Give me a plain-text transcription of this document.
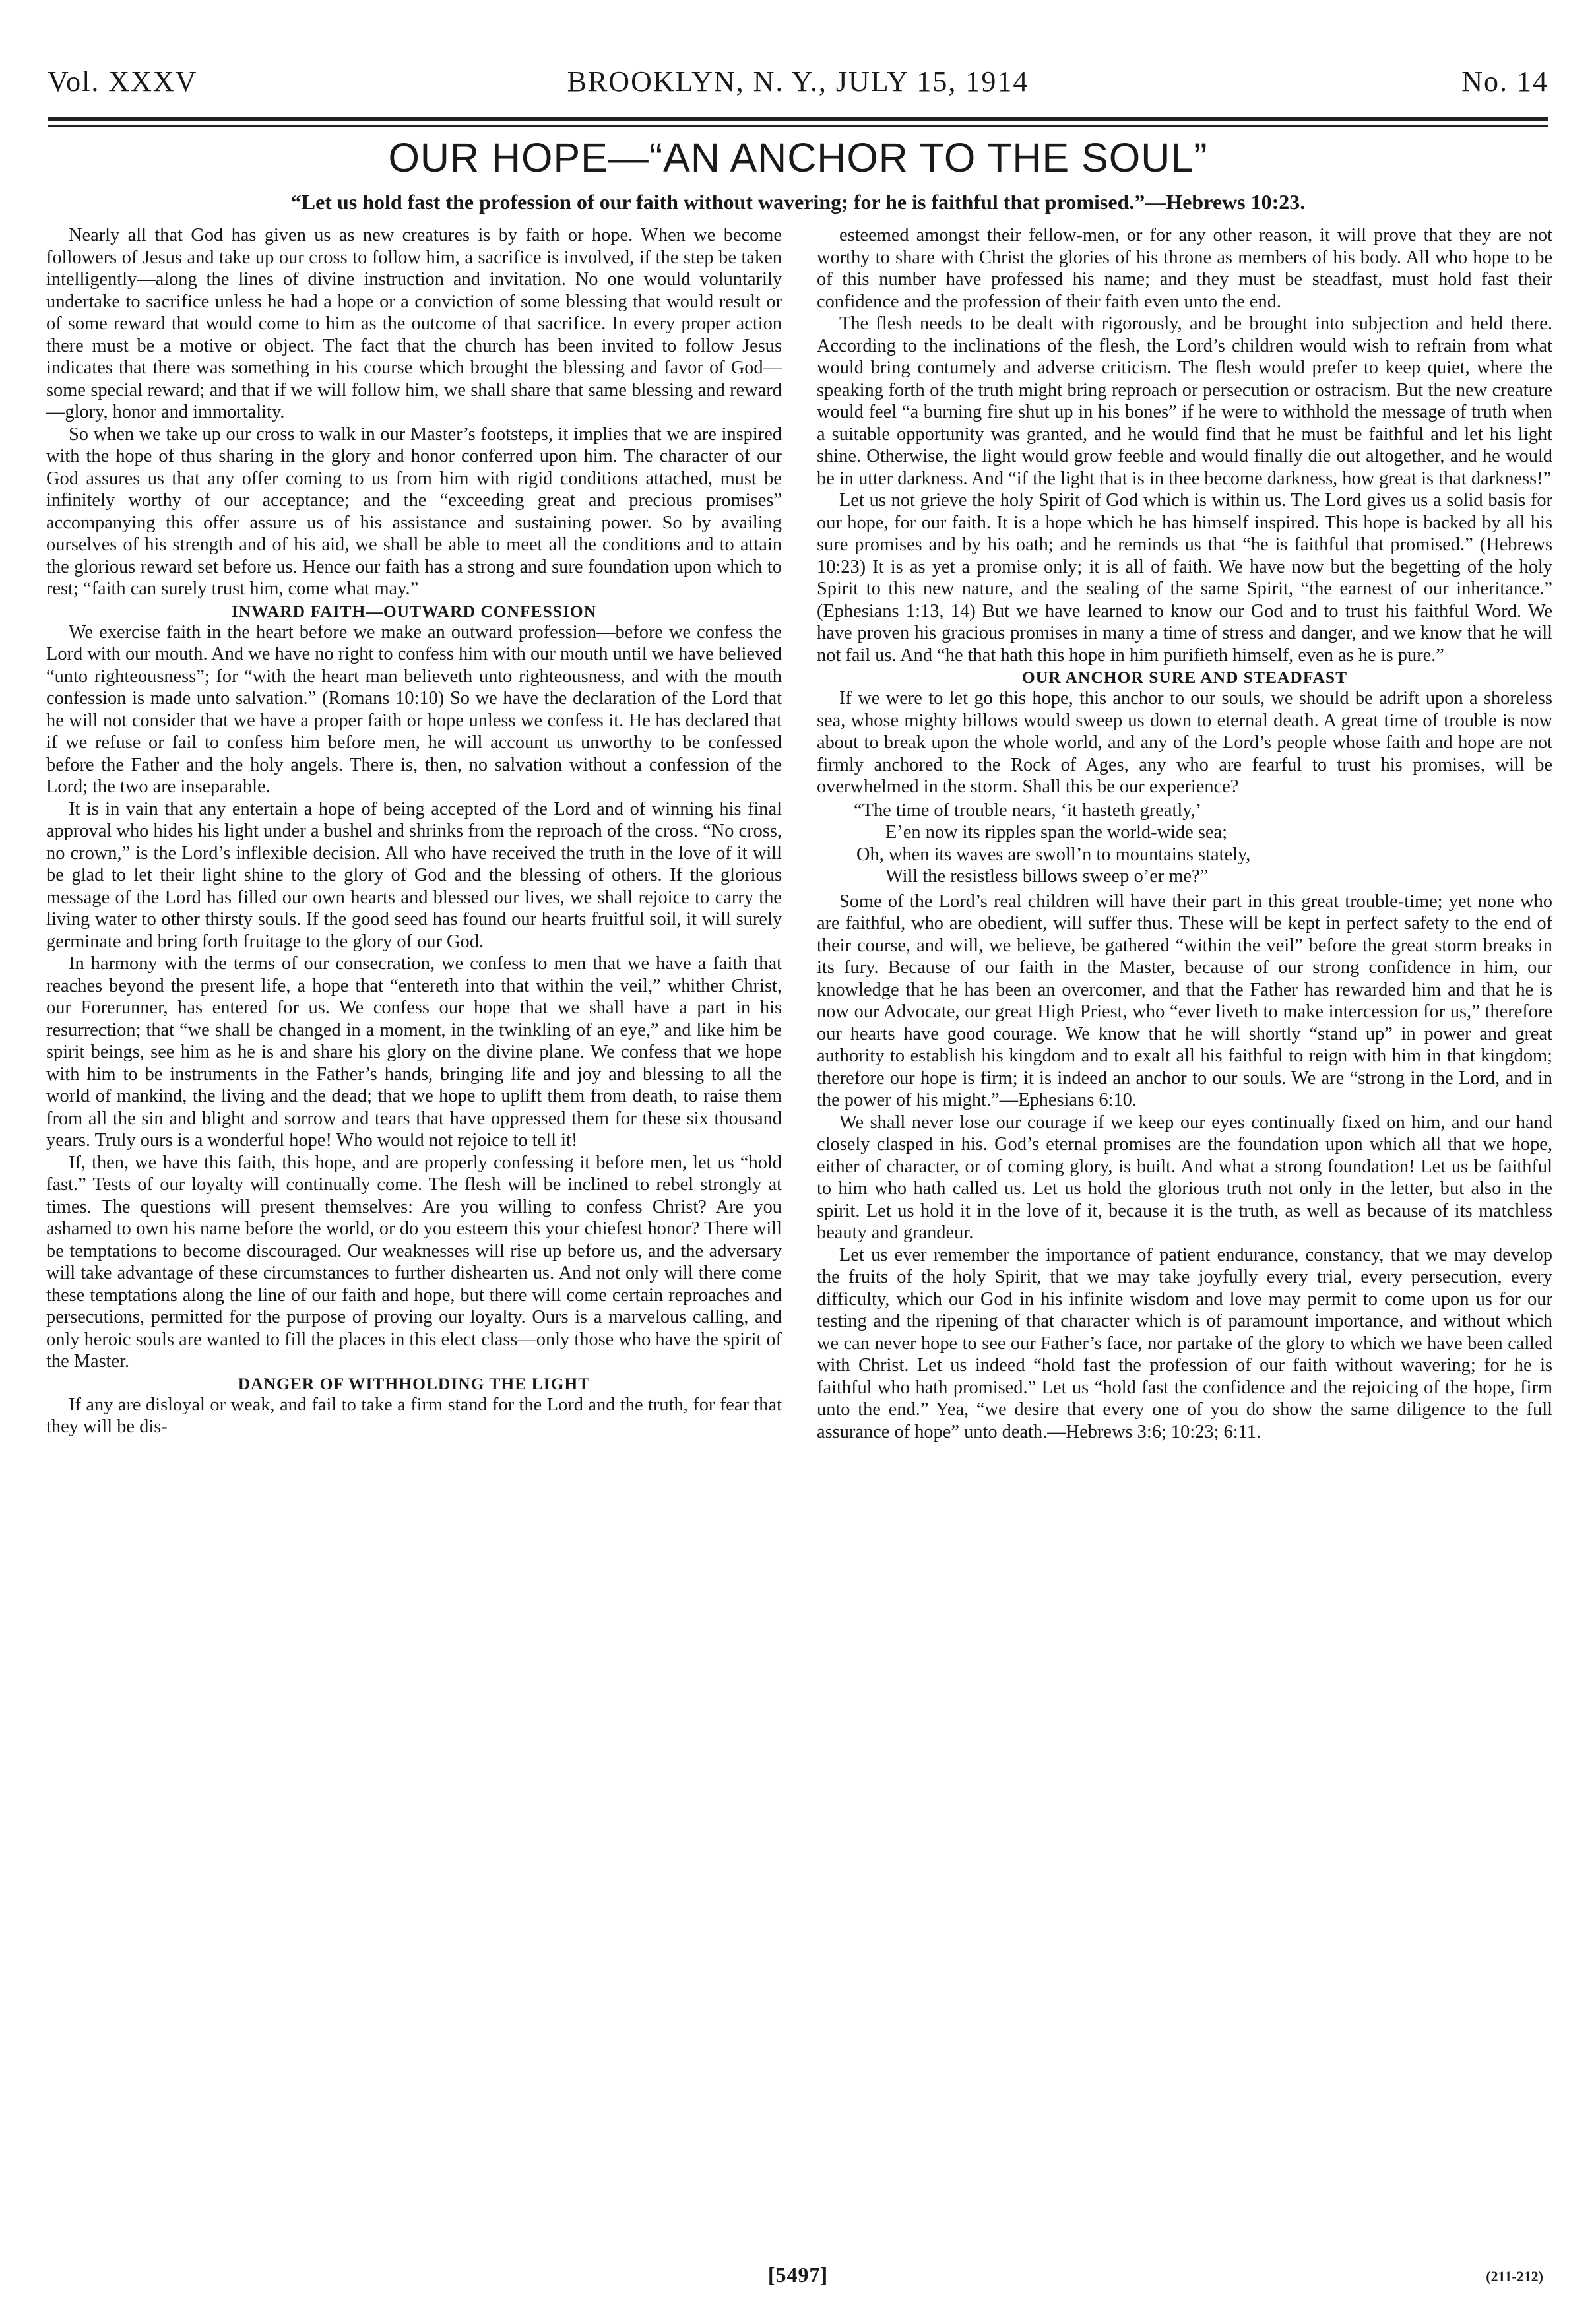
Vol. XXXV	BROOKLYN, N. Y., JULY 15, 1914	No. 14
OUR HOPE—“AN ANCHOR TO THE SOUL”
“Let us hold fast the profession of our faith without wavering; for he is faithful that promised.”—Hebrews 10:23.

Nearly all that God has given us as new creatures is by faith or hope. When we become followers of Jesus and take up our cross to follow him, a sacrifice is involved, if the step be taken intelligently—along the lines of divine instruction and invitation. No one would voluntarily undertake to sacrifice unless he had a hope or a conviction of some blessing that would result or of some reward that would come to him as the outcome of that sacrifice. In every proper action there must be a motive or object. The fact that the church has been invited to follow Jesus indicates that there was something in his course which brought the blessing and favor of God—some special reward; and that if we will follow him, we shall share that same blessing and reward—glory, honor and immortality.

So when we take up our cross to walk in our Master’s footsteps, it implies that we are inspired with the hope of thus sharing in the glory and honor conferred upon him. The character of our God assures us that any offer coming to us from him with rigid conditions attached, must be infinitely worthy of our acceptance; and the “exceeding great and precious promises” accompanying this offer assure us of his assistance and sustaining power. So by availing ourselves of his strength and of his aid, we shall be able to meet all the conditions and to attain the glorious reward set before us. Hence our faith has a strong and sure foundation upon which to rest; “faith can surely trust him, come what may.”

INWARD FAITH—OUTWARD CONFESSION

We exercise faith in the heart before we make an outward profession—before we confess the Lord with our mouth. And we have no right to confess him with our mouth until we have believed “unto righteousness”; for “with the heart man believeth unto righteousness, and with the mouth confession is made unto salvation.” (Romans 10:10) So we have the declaration of the Lord that he will not consider that we have a proper faith or hope unless we confess it. He has declared that if we refuse or fail to confess him before men, he will account us unworthy to be confessed before the Father and the holy angels. There is, then, no salvation without a confession of the Lord; the two are inseparable.

It is in vain that any entertain a hope of being accepted of the Lord and of winning his final approval who hides his light under a bushel and shrinks from the reproach of the cross. “No cross, no crown,” is the Lord’s inflexible decision. All who have received the truth in the love of it will be glad to let their light shine to the glory of God and the blessing of others. If the glorious message of the Lord has filled our own hearts and blessed our lives, we shall rejoice to carry the living water to other thirsty souls. If the good seed has found our hearts fruitful soil, it will surely germinate and bring forth fruitage to the glory of our God.

In harmony with the terms of our consecration, we confess to men that we have a faith that reaches beyond the present life, a hope that “entereth into that within the veil,” whither Christ, our Forerunner, has entered for us. We confess our hope that we shall have a part in his resurrection; that “we shall be changed in a moment, in the twinkling of an eye,” and like him be spirit beings, see him as he is and share his glory on the divine plane. We confess that we hope with him to be instruments in the Father’s hands, bringing life and joy and blessing to all the world of mankind, the living and the dead; that we hope to uplift them from death, to raise them from all the sin and blight and sorrow and tears that have oppressed them for these six thousand years. Truly ours is a wonderful hope! Who would not rejoice to tell it!

If, then, we have this faith, this hope, and are properly confessing it before men, let us “hold fast.” Tests of our loyalty will continually come. The flesh will be inclined to rebel strongly at times. The questions will present themselves: Are you willing to confess Christ? Are you ashamed to own his name before the world, or do you esteem this your chiefest honor? There will be temptations to become discouraged. Our weaknesses will rise up before us, and the adversary will take advantage of these circumstances to further dishearten us. And not only will there come these temptations along the line of our faith and hope, but there will come certain reproaches and persecutions, permitted for the purpose of proving our loyalty. Ours is a marvelous calling, and only heroic souls are wanted to fill the places in this elect class—only those who have the spirit of the Master.

DANGER OF WITHHOLDING THE LIGHT

If any are disloyal or weak, and fail to take a firm stand for the Lord and the truth, for fear that they will be dis-

esteemed amongst their fellow-men, or for any other reason, it will prove that they are not worthy to share with Christ the glories of his throne as members of his body. All who hope to be of this number have professed his name; and they must be steadfast, must hold fast their confidence and the profession of their faith even unto the end.

The flesh needs to be dealt with rigorously, and be brought into subjection and held there. According to the inclinations of the flesh, the Lord’s children would wish to refrain from what would bring contumely and adverse criticism. The flesh would prefer to keep quiet, where the speaking forth of the truth might bring reproach or persecution or ostracism. But the new creature would feel “a burning fire shut up in his bones” if he were to withhold the message of truth when a suitable opportunity was granted, and he would find that he must be faithful and let his light shine. Otherwise, the light would grow feeble and would finally die out altogether, and he would be in utter darkness. And “if the light that is in thee become darkness, how great is that darkness!”

Let us not grieve the holy Spirit of God which is within us. The Lord gives us a solid basis for our hope, for our faith. It is a hope which he has himself inspired. This hope is backed by all his sure promises and by his oath; and he reminds us that “he is faithful that promised.” (Hebrews 10:23) It is as yet a promise only; it is all of faith. We have now but the begetting of the holy Spirit to this new nature, and the sealing of the same Spirit, “the earnest of our inheritance.” (Ephesians 1:13, 14) But we have learned to know our God and to trust his faithful Word. We have proven his gracious promises in many a time of stress and danger, and we know that he will not fail us. And “he that hath this hope in him purifieth himself, even as he is pure.”

OUR ANCHOR SURE AND STEADFAST

If we were to let go this hope, this anchor to our souls, we should be adrift upon a shoreless sea, whose mighty billows would sweep us down to eternal death. A great time of trouble is now about to break upon the whole world, and any of the Lord’s people whose faith and hope are not firmly anchored to the Rock of Ages, any who are fearful to trust his promises, will be overwhelmed in the storm. Shall this be our experience?

“The time of trouble nears, ‘it hasteth greatly,’
E’en now its ripples span the world-wide sea;
Oh, when its waves are swoll’n to mountains stately,
Will the resistless billows sweep o’er me?”

Some of the Lord’s real children will have their part in this great trouble-time; yet none who are faithful, who are obedient, will suffer thus. These will be kept in perfect safety to the end of their course, and will, we believe, be gathered “within the veil” before the great storm breaks in its fury. Because of our faith in the Master, because of our strong confidence in him, our knowledge that he has been an overcomer, and that the Father has rewarded him and that he is now our Advocate, our great High Priest, who “ever liveth to make intercession for us,” therefore our hearts have good courage. We know that he will shortly “stand up” in power and great authority to establish his kingdom and to exalt all his faithful to reign with him in that kingdom; therefore our hope is firm; it is indeed an anchor to our souls. We are “strong in the Lord, and in the power of his might.”—Ephesians 6:10.

We shall never lose our courage if we keep our eyes continually fixed on him, and our hand closely clasped in his. God’s eternal promises are the foundation upon which all that we hope, either of character, or of coming glory, is built. And what a strong foundation! Let us be faithful to him who hath called us. Let us hold the glorious truth not only in the letter, but also in the spirit. Let us hold it in the love of it, because it is the truth, as well as because of its matchless beauty and grandeur.

Let us ever remember the importance of patient endurance, constancy, that we may develop the fruits of the holy Spirit, that we may take joyfully every trial, every persecution, every difficulty, which our God in his infinite wisdom and love may permit to come upon us for our testing and the ripening of that character which is of paramount importance, and without which we can never hope to see our Father’s face, nor partake of the glory to which we have been called with Christ. Let us indeed “hold fast the profession of our faith without wavering; for he is faithful who hath promised.” Let us “hold fast the confidence and the rejoicing of the hope, firm unto the end.” Yea, “we desire that every one of you do show the same diligence to the full assurance of hope” unto death.—Hebrews 3:6; 10:23; 6:11.

[5497]	(211-212)
